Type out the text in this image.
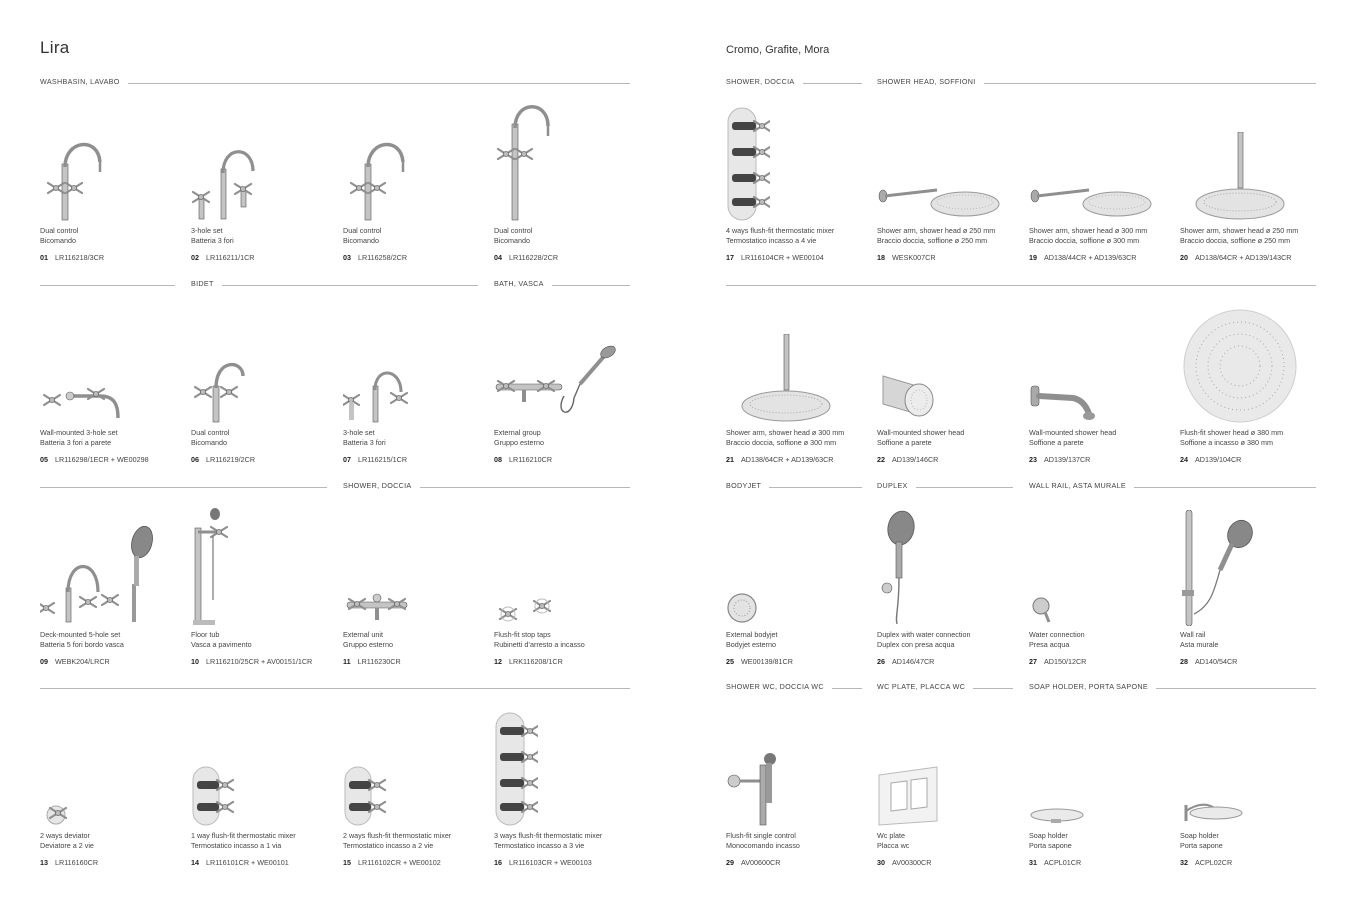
Lira	Cromo, Grafite, Mora
WASHBASIN, LAVABO
BIDET	BATH, VASCA
SHOWER, DOCCIA
SHOWER, DOCCIA	SHOWER HEAD, SOFFIONI
BODYJET	DUPLEX	WALL RAIL, ASTA MURALE
SHOWER WC, DOCCIA WC	WC PLATE, PLACCA WC	SOAP HOLDER, PORTA SAPONE
Dual control
Bicomando
01 LR116218/3CR
3-hole set
Batteria 3 fori
02 LR116211/1CR
Dual control
Bicomando
03 LR116258/2CR
Dual control
Bicomando
04 LR116228/2CR
Wall-mounted 3-hole set
Batteria 3 fori a parete
05 LR116298/1ECR + WE00298
Dual control
Bicomando
06 LR116219/2CR
3-hole set
Batteria 3 fori
07 LR116215/1CR
External group
Gruppo esterno
08 LR116210CR
Deck-mounted 5-hole set
Batteria 5 fori bordo vasca
09 WEBK204/LRCR
Floor tub
Vasca a pavimento
10 LR116210/25CR + AV00151/1CR
External unit
Gruppo esterno
11 LR116230CR
Flush-fit stop taps
Rubinetti d’arresto a incasso
12 LRK116208/1CR
2 ways deviator
Deviatore a 2 vie
13 LR116160CR
1 way flush-fit thermostatic mixer
Termostatico incasso a 1 via
14 LR116101CR + WE00101
2 ways flush-fit thermostatic mixer
Termostatico incasso a 2 vie
15 LR116102CR + WE00102
3 ways flush-fit thermostatic mixer
Termostatico incasso a 3 vie
16 LR116103CR + WE00103
4 ways flush-fit thermostatic mixer
Termostatico incasso a 4 vie
17 LR116104CR + WE00104
Shower arm, shower head ø 250 mm
Braccio doccia, soffione ø 250 mm
18 WESK007CR
Shower arm, shower head ø 300 mm
Braccio doccia, soffione ø 300 mm
19 AD138/44CR + AD139/63CR
Shower arm, shower head ø 250 mm
Braccio doccia, soffione ø 250 mm
20 AD138/64CR + AD139/143CR
Shower arm, shower head ø 300 mm
Braccio doccia, soffione ø 300 mm
21 AD138/64CR + AD139/63CR
Wall-mounted shower head
Soffione a parete
22 AD139/146CR
Wall-mounted shower head
Soffione a parete
23 AD139/137CR
Flush-fit shower head ø 380 mm
Soffione a incasso ø 380 mm
24 AD139/104CR
External bodyjet
Bodyjet esterno
25 WE00139/81CR
Duplex with water connection
Duplex con presa acqua
26 AD146/47CR
Water connection
Presa acqua
27 AD150/12CR
Wall rail
Asta murale
28 AD140/54CR
Flush-fit single control
Monocomando incasso
29 AV00600CR
Wc plate
Placca wc
30 AV00300CR
Soap holder
Porta sapone
31 ACPL01CR
Soap holder
Porta sapone
32 ACPL02CR
